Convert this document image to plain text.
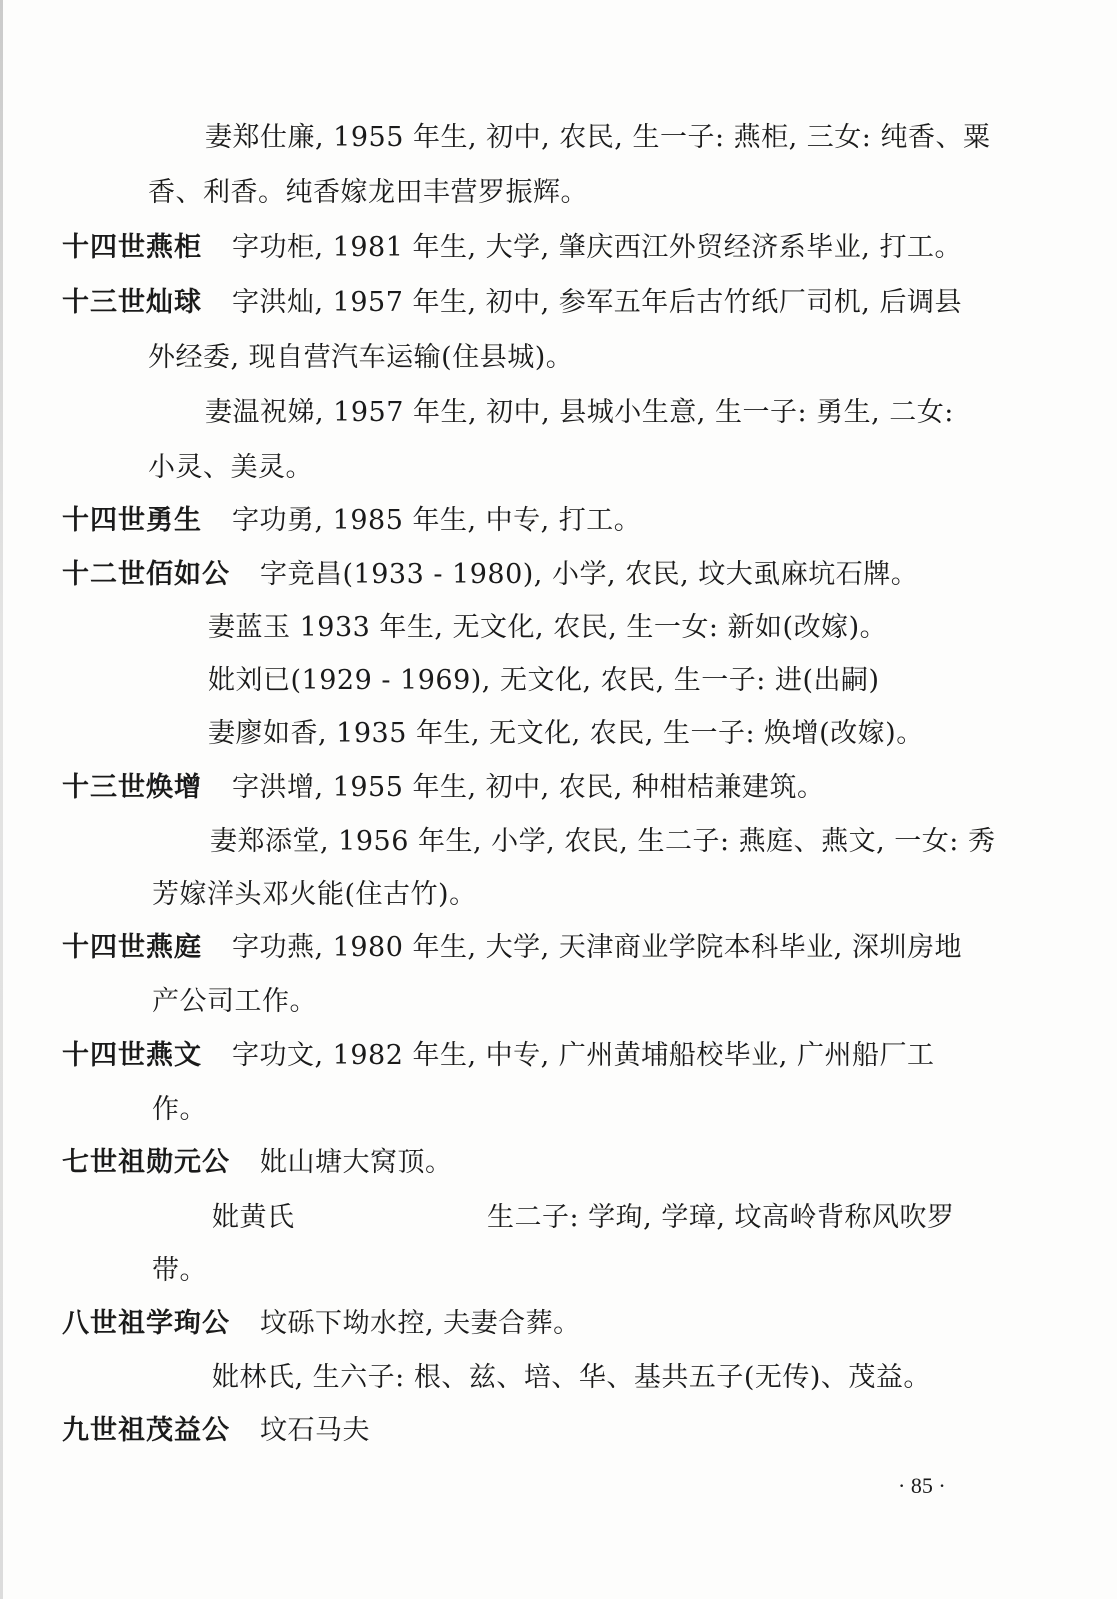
妻郑仕廉, 1955 年生, 初中, 农民, 生一子: 燕柜, 三女: 纯香、粟
香、利香。纯香嫁龙田丰营罗振辉。
十四世燕柜 字功柜, 1981 年生, 大学, 肇庆西江外贸经济系毕业, 打工。
十三世灿球 字洪灿, 1957 年生, 初中, 参军五年后古竹纸厂司机, 后调县
外经委, 现自营汽车运输(住县城)。
妻温祝娣, 1957 年生, 初中, 县城小生意, 生一子: 勇生, 二女:
小灵、美灵。
十四世勇生 字功勇, 1985 年生, 中专, 打工。
十二世佰如公 字竞昌(1933 - 1980), 小学, 农民, 坟大虱麻坑石牌。
妻蓝玉 1933 年生, 无文化, 农民, 生一女: 新如(改嫁)。
妣刘已(1929 - 1969), 无文化, 农民, 生一子: 进(出嗣)
妻廖如香, 1935 年生, 无文化, 农民, 生一子: 焕增(改嫁)。
十三世焕增 字洪增, 1955 年生, 初中, 农民, 种柑桔兼建筑。
妻郑添堂, 1956 年生, 小学, 农民, 生二子: 燕庭、燕文, 一女: 秀
芳嫁洋头邓火能(住古竹)。
十四世燕庭 字功燕, 1980 年生, 大学, 天津商业学院本科毕业, 深圳房地
产公司工作。
十四世燕文 字功文, 1982 年生, 中专, 广州黄埔船校毕业, 广州船厂工
作。
七世祖勋元公 妣山塘大窝顶。
妣黄氏	生二子: 学珣, 学璋, 坟高岭背称风吹罗
带。
八世祖学珣公 坟砾下坳水控, 夫妻合葬。
妣林氏, 生六子: 根、兹、培、华、基共五子(无传)、茂益。
九世祖茂益公 坟石马夫
· 85 ·
